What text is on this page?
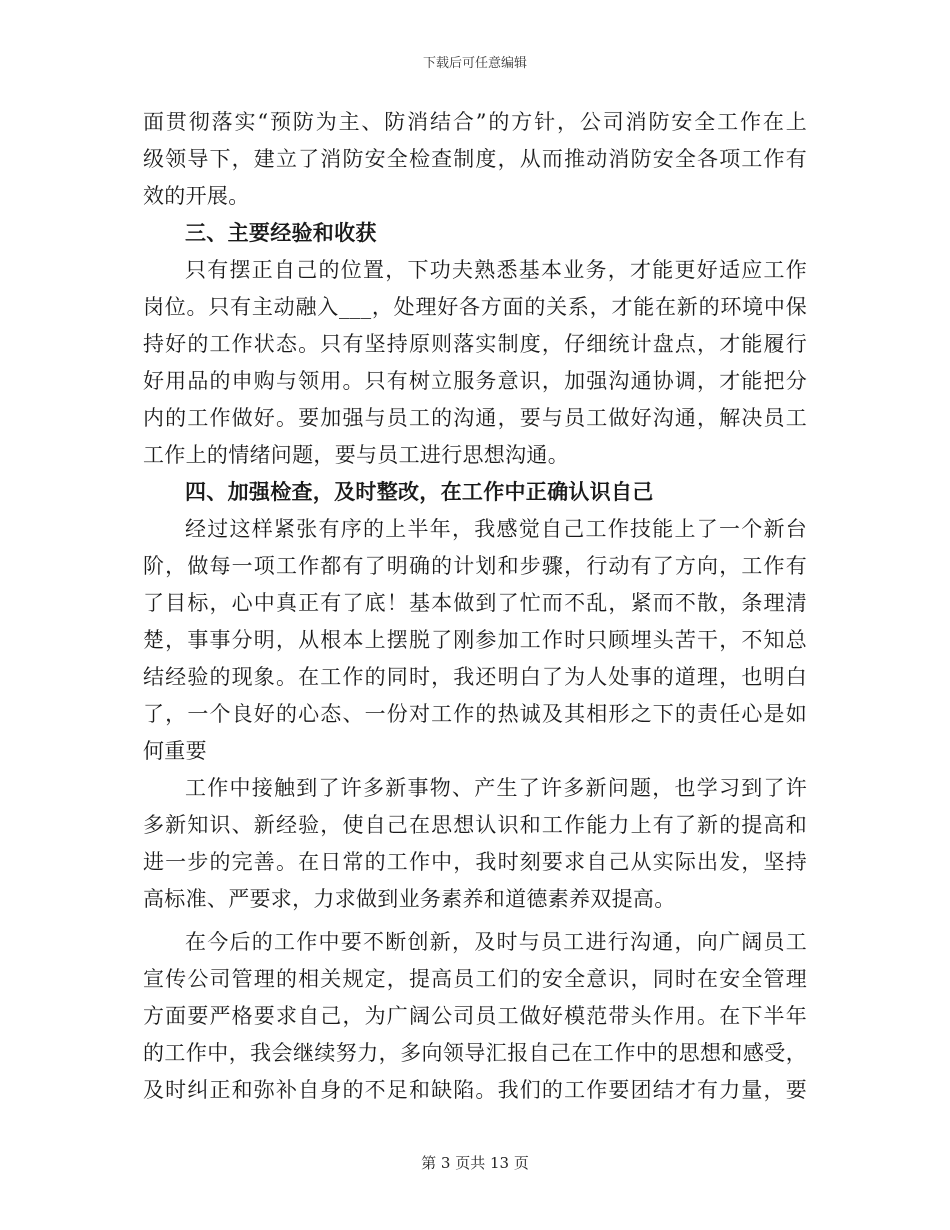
下载后可任意编辑
面贯彻落实“预防为主、防消结合”的方针，公司消防安全工作在上
级领导下，建立了消防安全检查制度，从而推动消防安全各项工作有
效的开展。
三、主要经验和收获
只有摆正自己的位置，下功夫熟悉基本业务，才能更好适应工作
岗位。只有主动融入___，处理好各方面的关系，才能在新的环境中保
持好的工作状态。只有坚持原则落实制度，仔细统计盘点，才能履行
好用品的申购与领用。只有树立服务意识，加强沟通协调，才能把分
内的工作做好。要加强与员工的沟通，要与员工做好沟通，解决员工
工作上的情绪问题，要与员工进行思想沟通。
四、加强检查，及时整改，在工作中正确认识自己
经过这样紧张有序的上半年，我感觉自己工作技能上了一个新台
阶，做每一项工作都有了明确的计划和步骤，行动有了方向，工作有
了目标，心中真正有了底！基本做到了忙而不乱，紧而不散，条理清
楚，事事分明，从根本上摆脱了刚参加工作时只顾埋头苦干，不知总
结经验的现象。在工作的同时，我还明白了为人处事的道理，也明白
了，一个良好的心态、一份对工作的热诚及其相形之下的责任心是如
何重要
工作中接触到了许多新事物、产生了许多新问题，也学习到了许
多新知识、新经验，使自己在思想认识和工作能力上有了新的提高和
进一步的完善。在日常的工作中，我时刻要求自己从实际出发，坚持
高标准、严要求，力求做到业务素养和道德素养双提高。
在今后的工作中要不断创新，及时与员工进行沟通，向广阔员工
宣传公司管理的相关规定，提高员工们的安全意识，同时在安全管理
方面要严格要求自己，为广阔公司员工做好模范带头作用。在下半年
的工作中，我会继续努力，多向领导汇报自己在工作中的思想和感受，
及时纠正和弥补自身的不足和缺陷。我们的工作要团结才有力量，要
第 3 页共 13 页
